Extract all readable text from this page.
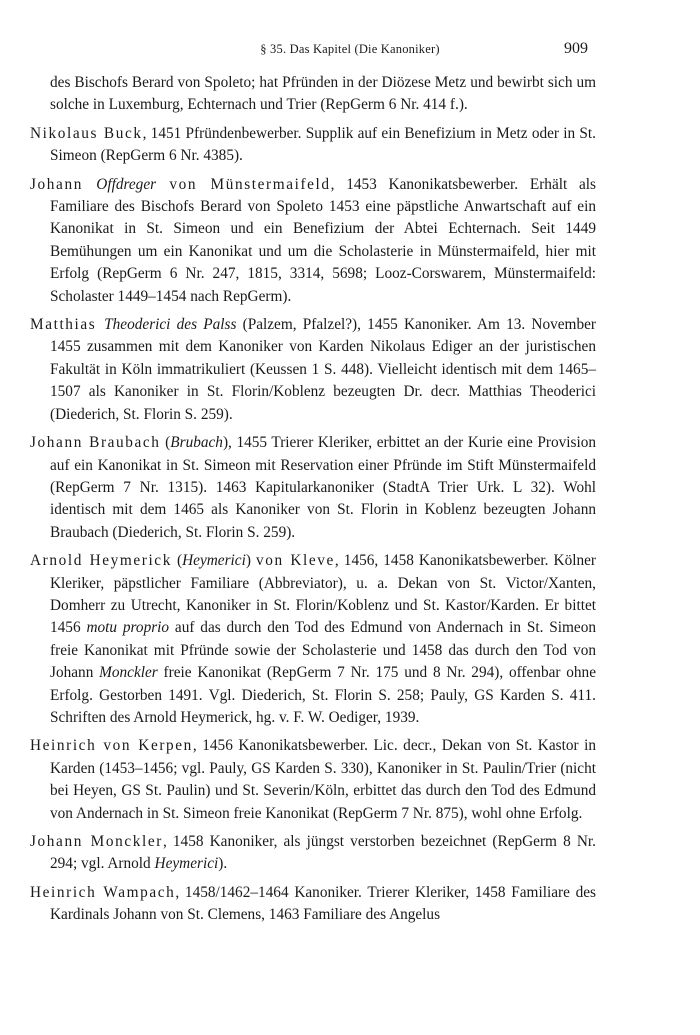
§ 35. Das Kapitel (Die Kanoniker)	909

des Bischofs Berard von Spoleto; hat Pfründen in der Diözese Metz und bewirbt sich um solche in Luxemburg, Echternach und Trier (RepGerm 6 Nr. 414 f.).

Nikolaus Buck, 1451 Pfründenbewerber. Supplik auf ein Benefizium in Metz oder in St. Simeon (RepGerm 6 Nr. 4385).

Johann Offdreger von Münstermaifeld, 1453 Kanonikatsbewerber. Erhält als Familiare des Bischofs Berard von Spoleto 1453 eine päpstliche Anwartschaft auf ein Kanonikat in St. Simeon und ein Benefizium der Abtei Echternach. Seit 1449 Bemühungen um ein Kanonikat und um die Scholasterie in Münstermaifeld, hier mit Erfolg (RepGerm 6 Nr. 247, 1815, 3314, 5698; Looz-Corswarem, Münstermaifeld: Scholaster 1449–1454 nach RepGerm).

Matthias Theoderici des Palss (Palzem, Pfalzel?), 1455 Kanoniker. Am 13. November 1455 zusammen mit dem Kanoniker von Karden Nikolaus Ediger an der juristischen Fakultät in Köln immatrikuliert (Keussen 1 S. 448). Vielleicht identisch mit dem 1465–1507 als Kanoniker in St. Florin/Koblenz bezeugten Dr. decr. Matthias Theoderici (Diederich, St. Florin S. 259).

Johann Braubach (Brubach), 1455 Trierer Kleriker, erbittet an der Kurie eine Provision auf ein Kanonikat in St. Simeon mit Reservation einer Pfründe im Stift Münstermaifeld (RepGerm 7 Nr. 1315). 1463 Kapitularkanoniker (StadtA Trier Urk. L 32). Wohl identisch mit dem 1465 als Kanoniker von St. Florin in Koblenz bezeugten Johann Braubach (Diederich, St. Florin S. 259).

Arnold Heymerick (Heymerici) von Kleve, 1456, 1458 Kanonikatsbewerber. Kölner Kleriker, päpstlicher Familiare (Abbreviator), u. a. Dekan von St. Victor/Xanten, Domherr zu Utrecht, Kanoniker in St. Florin/Koblenz und St. Kastor/Karden. Er bittet 1456 motu proprio auf das durch den Tod des Edmund von Andernach in St. Simeon freie Kanonikat mit Pfründe sowie der Scholasterie und 1458 das durch den Tod von Johann Monckler freie Kanonikat (RepGerm 7 Nr. 175 und 8 Nr. 294), offenbar ohne Erfolg. Gestorben 1491. Vgl. Diederich, St. Florin S. 258; Pauly, GS Karden S. 411. Schriften des Arnold Heymerick, hg. v. F. W. Oediger, 1939.

Heinrich von Kerpen, 1456 Kanonikatsbewerber. Lic. decr., Dekan von St. Kastor in Karden (1453–1456; vgl. Pauly, GS Karden S. 330), Kanoniker in St. Paulin/Trier (nicht bei Heyen, GS St. Paulin) und St. Severin/Köln, erbittet das durch den Tod des Edmund von Andernach in St. Simeon freie Kanonikat (RepGerm 7 Nr. 875), wohl ohne Erfolg.

Johann Monckler, 1458 Kanoniker, als jüngst verstorben bezeichnet (RepGerm 8 Nr. 294; vgl. Arnold Heymerici).

Heinrich Wampach, 1458/1462–1464 Kanoniker. Trierer Kleriker, 1458 Familiare des Kardinals Johann von St. Clemens, 1463 Familiare des Angelus
